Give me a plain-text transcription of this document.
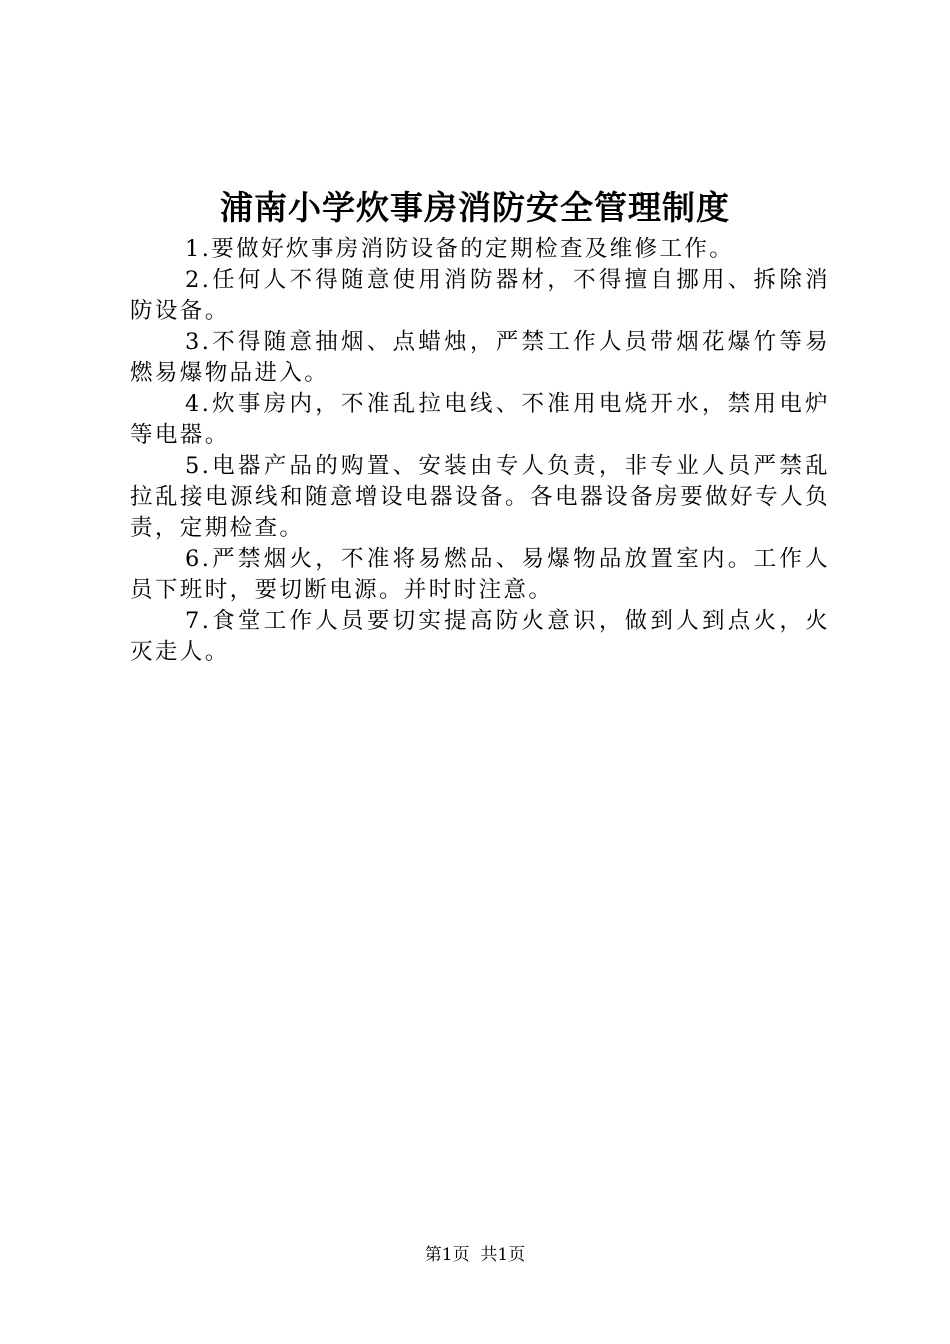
浦南小学炊事房消防安全管理制度

1.要做好炊事房消防设备的定期检查及维修工作。

2.任何人不得随意使用消防器材，不得擅自挪用、拆除消防设备。

3.不得随意抽烟、点蜡烛，严禁工作人员带烟花爆竹等易燃易爆物品进入。

4.炊事房内，不准乱拉电线、不准用电烧开水，禁用电炉等电器。

5.电器产品的购置、安装由专人负责，非专业人员严禁乱拉乱接电源线和随意增设电器设备。各电器设备房要做好专人负责，定期检查。

6.严禁烟火，不准将易燃品、易爆物品放置室内。工作人员下班时，要切断电源。并时时注意。

7.食堂工作人员要切实提高防火意识，做到人到点火，火灭走人。

第1页  共1页
